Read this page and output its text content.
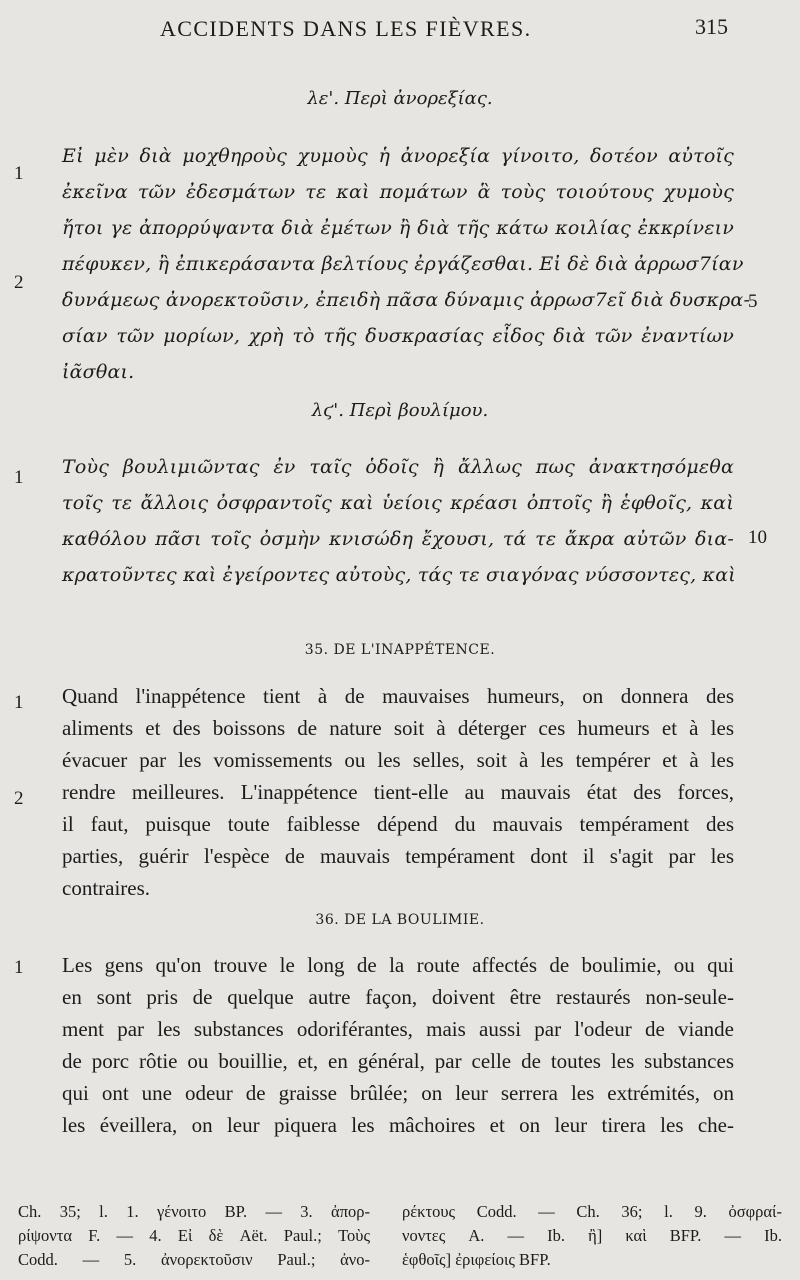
ACCIDENTS DANS LES FIÈVRES.	315
λε'. Περὶ ἀνορεξίας.
Εἰ μὲν διὰ μοχθηροὺς χυμοὺς ἡ ἀνορεξία γίνοιτο, δοτέον αὐτοῖς
ἐκεῖνα τῶν ἐδεσμάτων τε καὶ πομάτων ἃ τοὺς τοιούτους χυμοὺς
ἤτοι γε ἀπορρύψαντα διὰ ἐμέτων ἢ διὰ τῆς κάτω κοιλίας ἐκκρίνειν
πέφυκεν, ἢ ἐπικεράσαντα βελτίους ἐργάζεσθαι. Εἰ δὲ διὰ ἀρρωσ7ίαν
δυνάμεως ἀνορεκτοῦσιν, ἐπειδὴ πᾶσα δύναμις ἀρρωσ7εῖ διὰ δυσκρα-
σίαν τῶν μορίων, χρὴ τὸ τῆς δυσκρασίας εἶδος διὰ τῶν ἐναντίων
ἰᾶσθαι.
1
2
5
λϛ'. Περὶ βουλίμου.
Τοὺς βουλιμιῶντας ἐν ταῖς ὁδοῖς ἢ ἄλλως πως ἀνακτησόμεθα
τοῖς τε ἄλλοις ὀσφραντοῖς καὶ ὑείοις κρέασι ὀπτοῖς ἢ ἑφθοῖς, καὶ
καθόλου πᾶσι τοῖς ὀσμὴν κνισώδη ἔχουσι, τά τε ἄκρα αὐτῶν δια-
κρατοῦντες καὶ ἐγείροντες αὐτοὺς, τάς τε σιαγόνας νύσσοντες, καὶ
1
10
35. DE L'INAPPÉTENCE.
Quand l'inappétence tient à de mauvaises humeurs, on donnera des
aliments et des boissons de nature soit à déterger ces humeurs et à les
évacuer par les vomissements ou les selles, soit à les tempérer et à les
rendre meilleures. L'inappétence tient-elle au mauvais état des forces,
il faut, puisque toute faiblesse dépend du mauvais tempérament des
parties, guérir l'espèce de mauvais tempérament dont il s'agit par les
contraires.
1
2
36. DE LA BOULIMIE.
Les gens qu'on trouve le long de la route affectés de boulimie, ou qui
en sont pris de quelque autre façon, doivent être restaurés non-seule-
ment par les substances odoriférantes, mais aussi par l'odeur de viande
de porc rôtie ou bouillie, et, en général, par celle de toutes les substances
qui ont une odeur de graisse brûlée; on leur serrera les extrémités, on
les éveillera, on leur piquera les mâchoires et on leur tirera les che-
1
Ch. 35; l. 1. γένοιτο BP. — 3. ἀπορ-
ρίψοντα F. — 4. Εἰ δὲ Aët. Paul.; Τοὺς
Codd. — 5. ἀνορεκτοῦσιν Paul.; ἀνο-
ρέκτους Codd. — Ch. 36; l. 9. ὀσφραί-
νοντες A. — Ib. ἢ] καὶ BFP. — Ib.
ἑφθοῖς] ἐριφείοις BFP.
